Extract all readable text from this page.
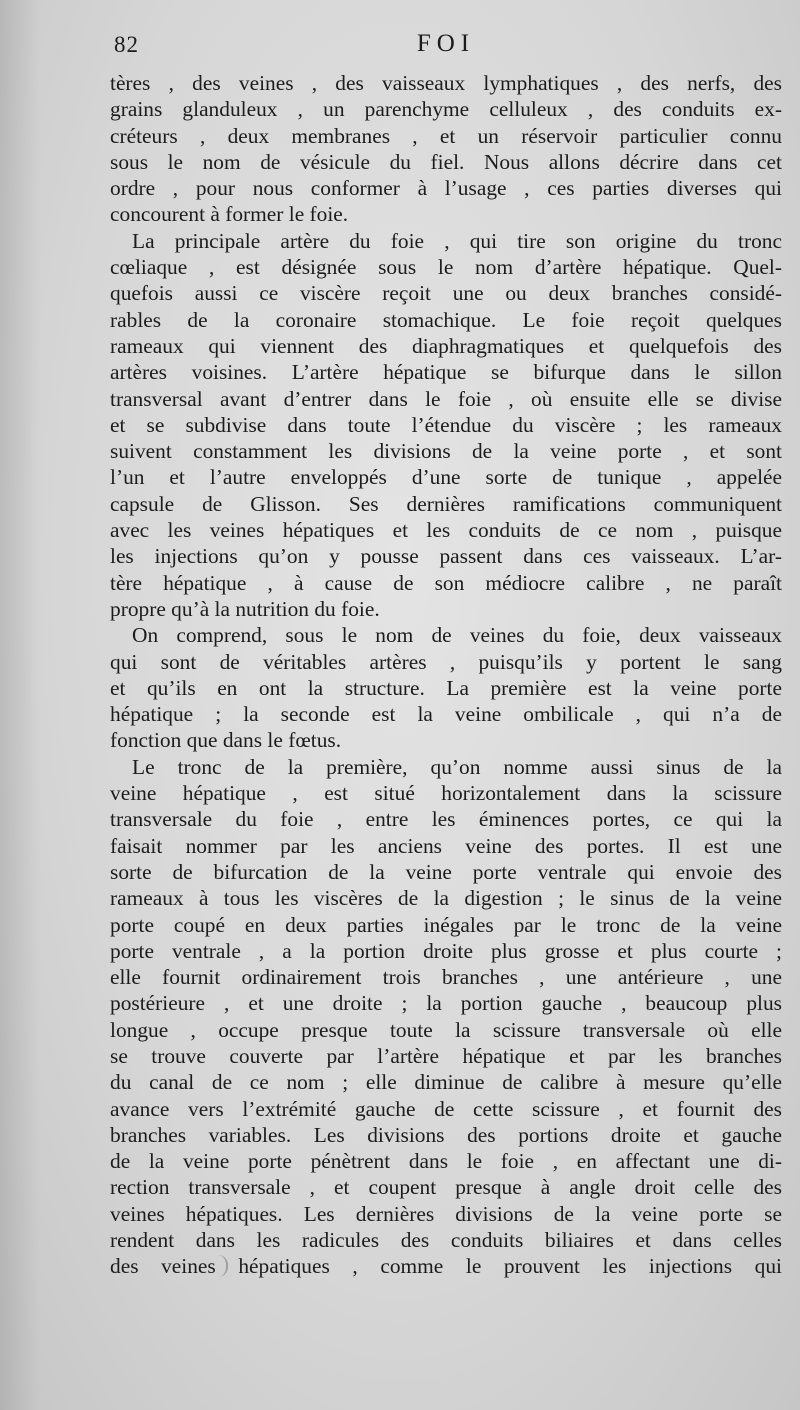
82	FOI
tères , des veines , des vaisseaux lymphatiques , des nerfs, des
grains glanduleux , un parenchyme celluleux , des conduits ex-
créteurs , deux membranes , et un réservoir particulier connu
sous le nom de vésicule du fiel. Nous allons décrire dans cet
ordre , pour nous conformer à l’usage , ces parties diverses qui
concourent à former le foie.
La principale artère du foie , qui tire son origine du tronc
cœliaque , est désignée sous le nom d’artère hépatique. Quel-
quefois aussi ce viscère reçoit une ou deux branches considé-
rables de la coronaire stomachique. Le foie reçoit quelques
rameaux qui viennent des diaphragmatiques et quelquefois des
artères voisines. L’artère hépatique se bifurque dans le sillon
transversal avant d’entrer dans le foie , où ensuite elle se divise
et se subdivise dans toute l’étendue du viscère ; les rameaux
suivent constamment les divisions de la veine porte , et sont
l’un et l’autre enveloppés d’une sorte de tunique , appelée
capsule de Glisson. Ses dernières ramifications communiquent
avec les veines hépatiques et les conduits de ce nom , puisque
les injections qu’on y pousse passent dans ces vaisseaux. L’ar-
tère hépatique , à cause de son médiocre calibre , ne paraît
propre qu’à la nutrition du foie.
On comprend, sous le nom de veines du foie, deux vaisseaux
qui sont de véritables artères , puisqu’ils y portent le sang
et qu’ils en ont la structure. La première est la veine porte
hépatique ; la seconde est la veine ombilicale , qui n’a de
fonction que dans le fœtus.
Le tronc de la première, qu’on nomme aussi sinus de la
veine hépatique , est situé horizontalement dans la scissure
transversale du foie , entre les éminences portes, ce qui la
faisait nommer par les anciens veine des portes. Il est une
sorte de bifurcation de la veine porte ventrale qui envoie des
rameaux à tous les viscères de la digestion ; le sinus de la veine
porte coupé en deux parties inégales par le tronc de la veine
porte ventrale , a la portion droite plus grosse et plus courte ;
elle fournit ordinairement trois branches , une antérieure , une
postérieure , et une droite ; la portion gauche , beaucoup plus
longue , occupe presque toute la scissure transversale où elle
se trouve couverte par l’artère hépatique et par les branches
du canal de ce nom ; elle diminue de calibre à mesure qu’elle
avance vers l’extrémité gauche de cette scissure , et fournit des
branches variables. Les divisions des portions droite et gauche
de la veine porte pénètrent dans le foie , en affectant une di-
rection transversale , et coupent presque à angle droit celle des
veines hépatiques. Les dernières divisions de la veine porte se
rendent dans les radicules des conduits biliaires et dans celles
des veines hépatiques , comme le prouvent les injections qui
